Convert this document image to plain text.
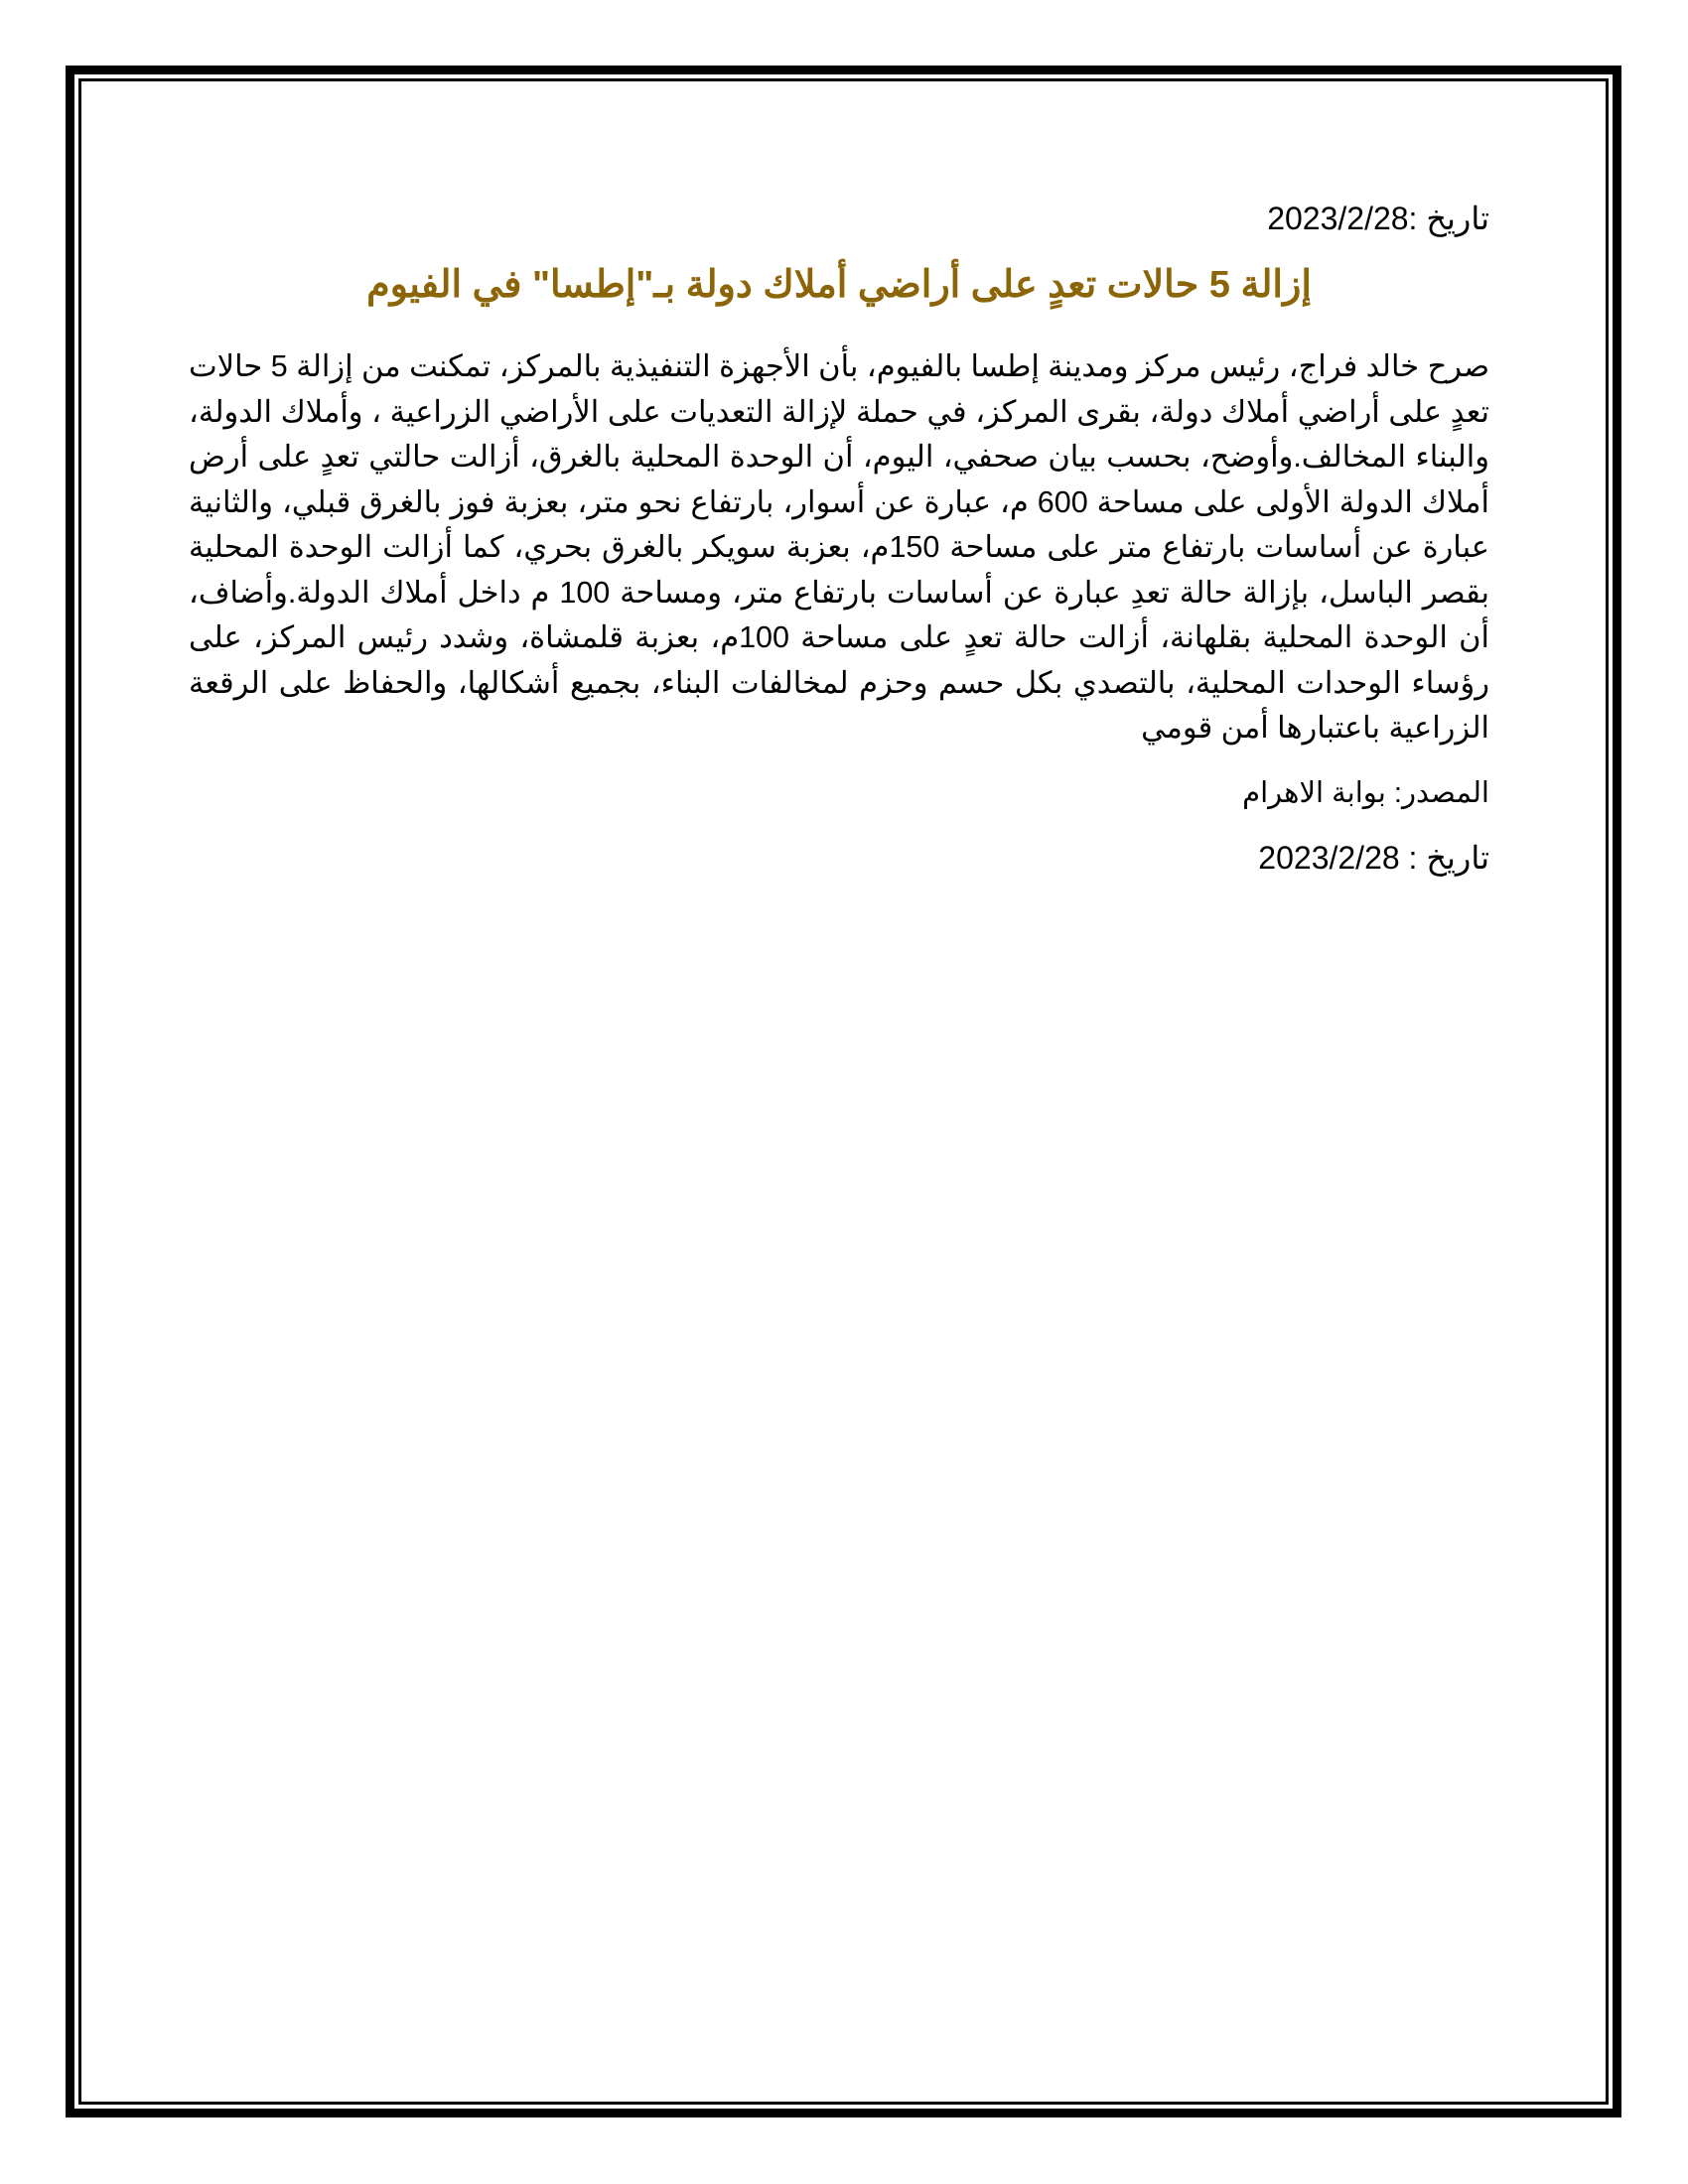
تاريخ :2023/2/28

إزالة 5 حالات تعدٍ على أراضي أملاك دولة بـ"إطسا" في الفيوم

صرح خالد فراج، رئيس مركز ومدينة إطسا بالفيوم، بأن الأجهزة التنفيذية بالمركز، تمكنت من إزالة 5 حالات تعدٍ على أراضي أملاك دولة، بقرى المركز، في حملة لإزالة التعديات على الأراضي الزراعية ، وأملاك الدولة، والبناء المخالف.وأوضح، بحسب بيان صحفي، اليوم، أن الوحدة المحلية بالغرق، أزالت حالتي تعدٍ على أرض أملاك الدولة الأولى على مساحة 600 م، عبارة عن أسوار، بارتفاع نحو متر، بعزبة فوز بالغرق قبلي، والثانية عبارة عن أساسات بارتفاع متر على مساحة 150م، بعزبة سويكر بالغرق بحري، كما أزالت الوحدة المحلية بقصر الباسل، بإزالة حالة تعدِ عبارة عن أساسات بارتفاع متر، ومساحة 100 م داخل أملاك الدولة.وأضاف، أن الوحدة المحلية بقلهانة، أزالت حالة تعدٍ على مساحة 100م، بعزبة قلمشاة، وشدد رئيس المركز، على رؤساء الوحدات المحلية، بالتصدي بكل حسم وحزم لمخالفات البناء، بجميع أشكالها، والحفاظ على الرقعة الزراعية باعتبارها أمن قومي

المصدر: بوابة الاهرام

تاريخ : 2023/2/28
